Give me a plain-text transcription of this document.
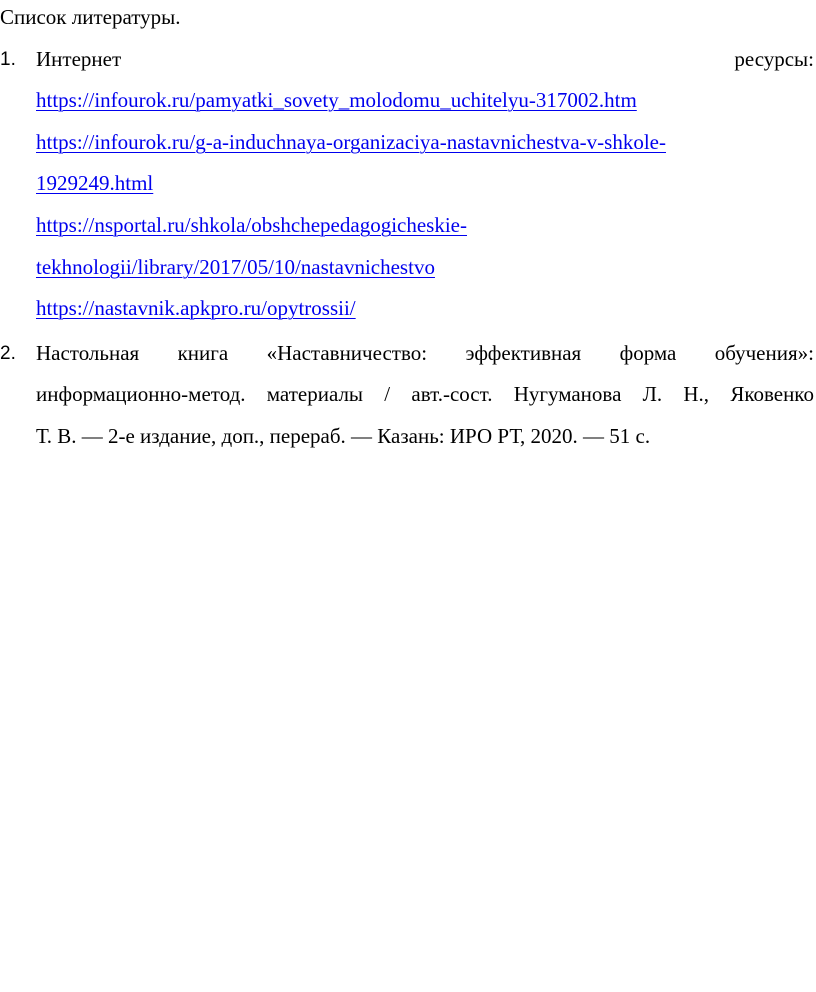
Список литературы.
1. Интернет	ресурсы:
https://infourok.ru/pamyatki_sovety_molodomu_uchitelyu-317002.htm
https://infourok.ru/g-a-induchnaya-organizaciya-nastavnichestva-v-shkole-
1929249.html
https://nsportal.ru/shkola/obshchepedagogicheskie-
tekhnologii/library/2017/05/10/nastavnichestvo
https://nastavnik.apkpro.ru/opytrossii/
2. Настольная книга «Наставничество: эффективная форма обучения»:
информационно-метод. материалы / авт.-сост. Нугуманова Л. Н., Яковенко
Т. В. — 2-е издание, доп., перераб. — Казань: ИРО РТ, 2020. — 51 с.
